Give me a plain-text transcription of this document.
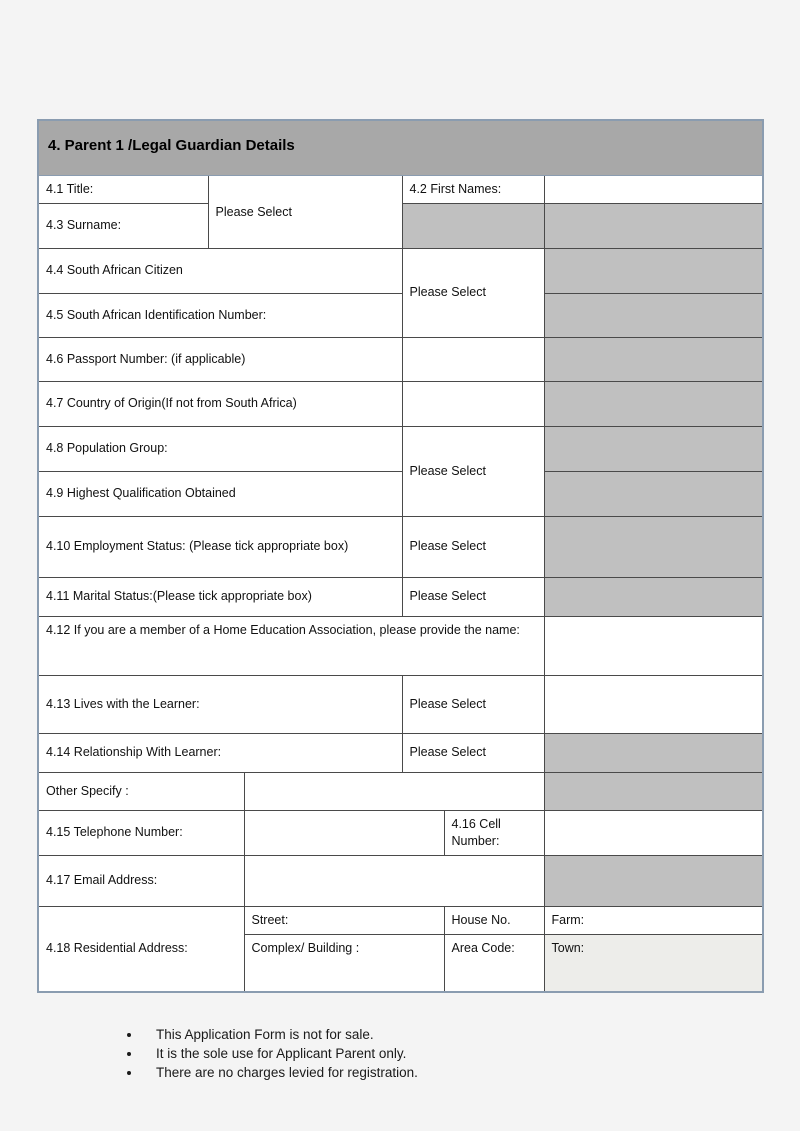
4. Parent 1 /Legal Guardian Details					
4.1 Title:	Please Select		4.2 First Names:		
4.3 Surname:					
4.4 South African Citizen			Please Select		
4.5 South African Identification Number:					
4.6 Passport Number: (if applicable)					
4.7 Country of Origin(If not from South Africa)					
4.8 Population Group:			Please Select		
4.9 Highest Qualification Obtained					
4.10 Employment Status: (Please tick appropriate box)			Please Select		
4.11 Marital Status:(Please tick appropriate box)			Please Select		
4.12 If you are a member of a Home Education Association, please provide the name:					
4.13 Lives with the Learner:			Please Select		
4.14 Relationship With Learner:			Please Select		
Other Specify :					
4.15 Telephone Number:				4.16 Cell Number:	
4.17 Email Address:					
4.18 Residential Address:		Street:		House No.	Farm:
		Complex/ Building :		Area Code:	Town:
• This Application Form is not for sale.
• It is the sole use for Applicant Parent only.
• There are no charges levied for registration.
